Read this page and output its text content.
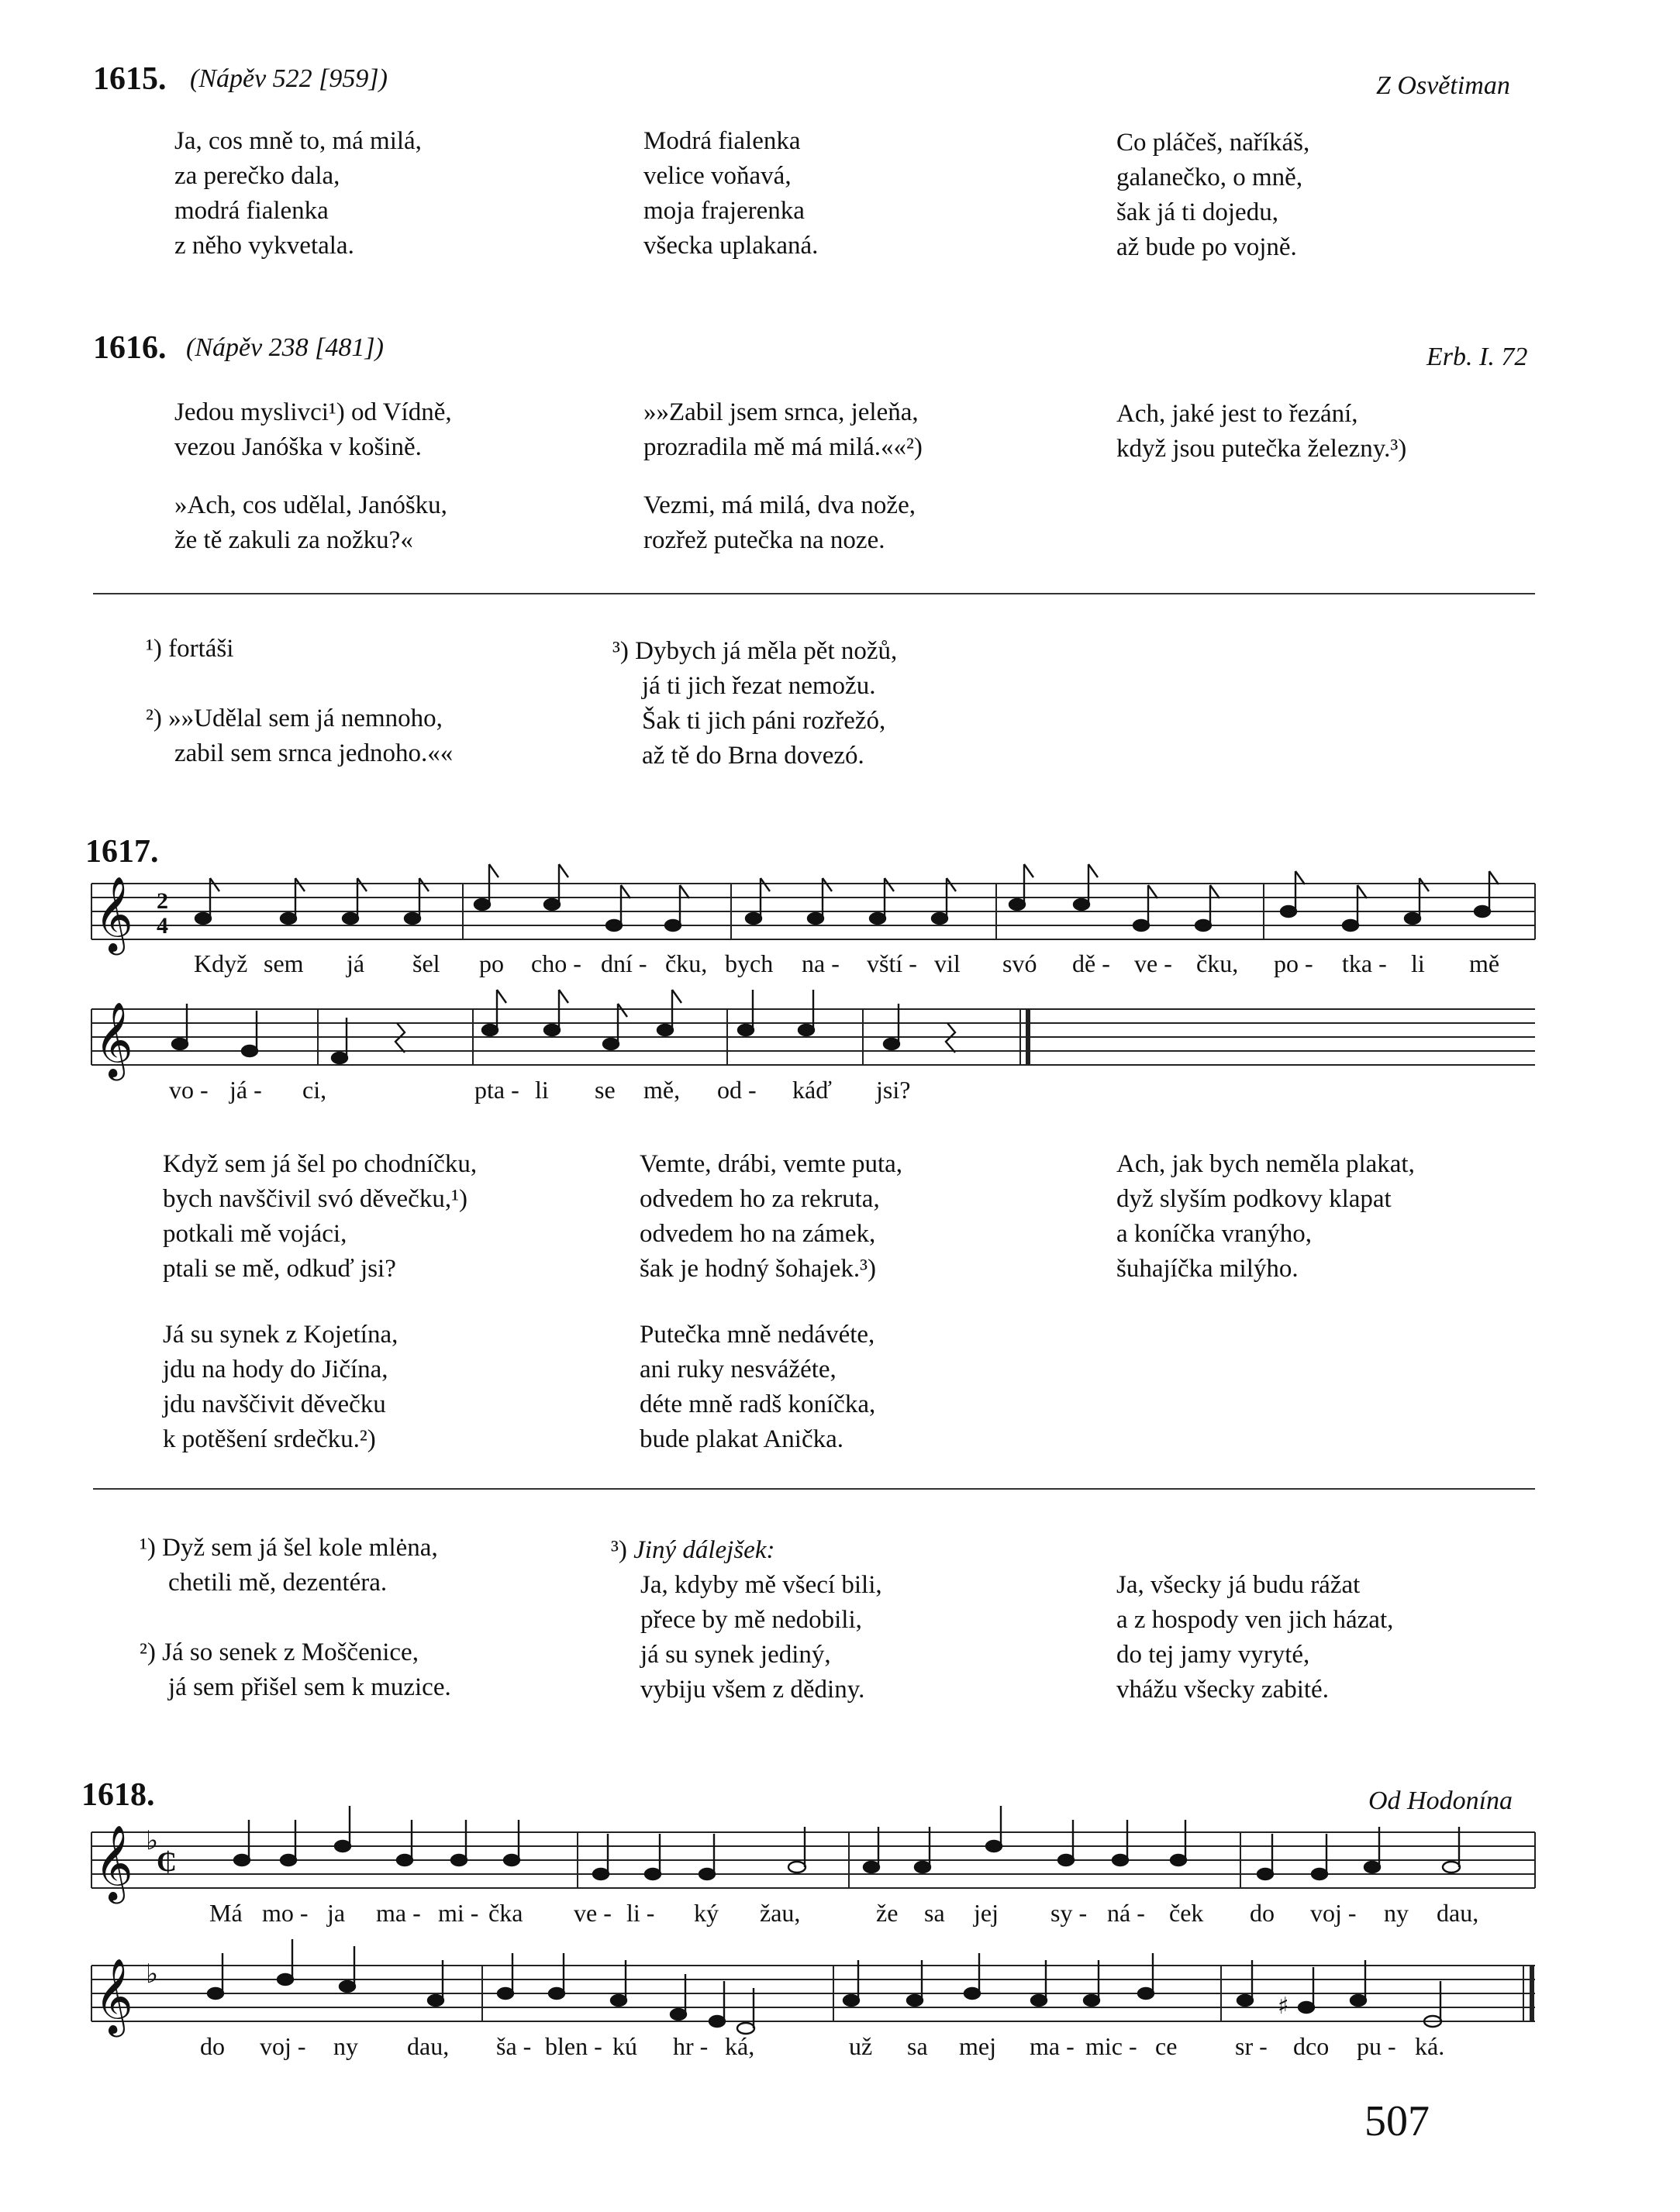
1615. (Nápěv 522 [959])	Z Osvětiman
Ja, cos mně to, má milá,
za perečko dala,
modrá fialenka
z něho vykvetala.
Modrá fialenka
velice voňavá,
moja frajerenka
všecka uplakaná.
Co pláčeš, naříkáš,
galanečko, o mně,
šak já ti dojedu,
až bude po vojně.
1616. (Nápěv 238 [481])	Erb. I. 72
Jedou myslivci¹) od Vídně,
vezou Janóška v košině.
»»Zabil jsem srnca, jeleňa,
prozradila mě má milá.««²)
Ach, jaké jest to řezání,
když jsou putečka železny.³)
»Ach, cos udělal, Janóšku,
že tě zakuli za nožku?«
Vezmi, má milá, dva nože,
rozřež putečka na noze.
¹) fortáši
²) »»Udělal sem já nemnoho,
zabil sem srnca jednoho.««
³) Dybych já měla pět nožů,
já ti jich řezat nemožu.
Šak ti jich páni rozřežó,
až tě do Brna dovezó.
1617.
𝄞 2
4
Když sem já šel po cho - dní - čku, bych na - vští - vil svó dě - ve - čku, po - tka - li mě
𝄞
vo - já - ci,	pta - li se mě, od - káď jsi?
Když sem já šel po chodníčku,
bych navščivil svó děvečku,¹)
potkali mě vojáci,
ptali se mě, odkuď jsi?
Vemte, drábi, vemte puta,
odvedem ho za rekruta,
odvedem ho na zámek,
šak je hodný šohajek.³)
Ach, jak bych neměla plakat,
dyž slyším podkovy klapat
a koníčka vranýho,
šuhajíčka milýho.
Já su synek z Kojetína,
jdu na hody do Jičína,
jdu navščivit děvečku
k potěšení srdečku.²)
Putečka mně nedávéte,
ani ruky nesvážéte,
déte mně radš koníčka,
bude plakat Anička.
¹) Dyž sem já šel kole mlėna,
chetili mě, dezentéra.
²) Já so senek z Moščenice,
já sem přišel sem k muzice.
³) Jiný dálejšek:
Ja, kdyby mě všecí bili,
přece by mě nedobili,
já su synek jediný,
vybiju všem z dědiny.
Ja, všecky já budu rážat
a z hospody ven jich házat,
do tej jamy vyryté,
vhážu všecky zabité.
1618.	Od Hodonína
𝄞 ♭
₵
Má mo - ja ma - mi - čka ve - li - ký žau,	že sa jej sy - ná - ček do voj - ny dau,
𝄞 ♭
♯
do voj - ny dau, ša - blen - kú hr - ká,	už sa mej ma - mic - ce sr - dco pu - ká.
507
